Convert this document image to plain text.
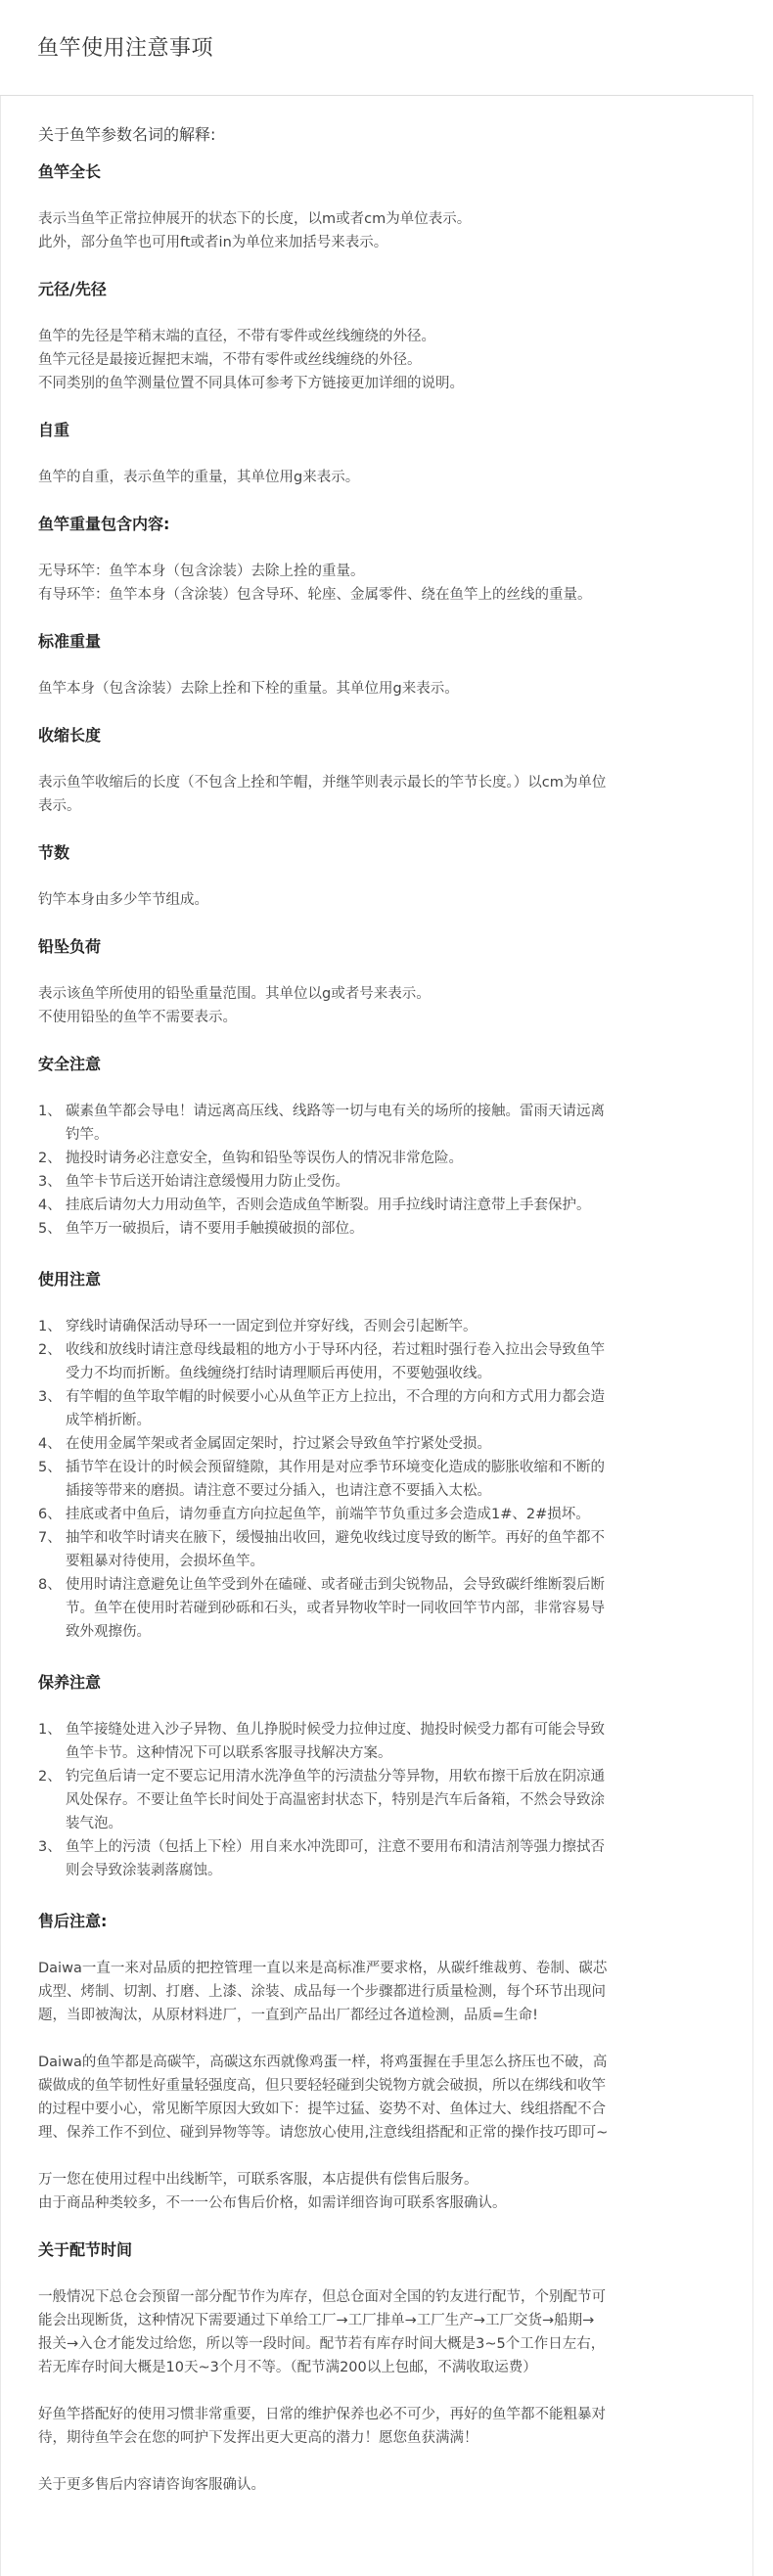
鱼竿使用注意事项
关于鱼竿参数名词的解释:
鱼竿全长
表示当鱼竿正常拉伸展开的状态下的长度，以m或者cm为单位表示。
此外，部分鱼竿也可用ft或者in为单位来加括号来表示。
元径/先径
鱼竿的先径是竿稍末端的直径，不带有零件或丝线缠绕的外径。
鱼竿元径是最接近握把末端，不带有零件或丝线缠绕的外径。
不同类别的鱼竿测量位置不同具体可参考下方链接更加详细的说明。
自重
鱼竿的自重，表示鱼竿的重量，其单位用g来表示。
鱼竿重量包含内容:
无导环竿：鱼竿本身（包含涂装）去除上拴的重量。
有导环竿：鱼竿本身（含涂装）包含导环、轮座、金属零件、绕在鱼竿上的丝线的重量。
标准重量
鱼竿本身（包含涂装）去除上拴和下栓的重量。其单位用g来表示。
收缩长度
表示鱼竿收缩后的长度（不包含上拴和竿帽，并继竿则表示最长的竿节长度。）以cm为单位
表示。
节数
钓竿本身由多少竿节组成。
铅坠负荷
表示该鱼竿所使用的铅坠重量范围。其单位以g或者号来表示。
不使用铅坠的鱼竿不需要表示。
安全注意
1、 碳素鱼竿都会导电！请远离高压线、线路等一切与电有关的场所的接触。雷雨天请远离
钓竿。
2、 抛投时请务必注意安全，鱼钩和铅坠等误伤人的情况非常危险。
3、 鱼竿卡节后送开始请注意缓慢用力防止受伤。
4、 挂底后请勿大力用动鱼竿，否则会造成鱼竿断裂。用手拉线时请注意带上手套保护。
5、 鱼竿万一破损后，请不要用手触摸破损的部位。
使用注意
1、 穿线时请确保活动导环一一固定到位并穿好线，否则会引起断竿。
2、 收线和放线时请注意母线最粗的地方小于导环内径，若过粗时强行卷入拉出会导致鱼竿
受力不均而折断。鱼线缠绕打结时请理顺后再使用，不要勉强收线。
3、 有竿帽的鱼竿取竿帽的时候要小心从鱼竿正方上拉出，不合理的方向和方式用力都会造
成竿梢折断。
4、 在使用金属竿架或者金属固定架时，拧过紧会导致鱼竿拧紧处受损。
5、 插节竿在设计的时候会预留缝隙，其作用是对应季节环境变化造成的膨胀收缩和不断的
插接等带来的磨损。请注意不要过分插入，也请注意不要插入太松。
6、 挂底或者中鱼后，请勿垂直方向拉起鱼竿，前端竿节负重过多会造成1#、2#损坏。
7、 抽竿和收竿时请夹在腋下，缓慢抽出收回，避免收线过度导致的断竿。再好的鱼竿都不
要粗暴对待使用，会损坏鱼竿。
8、 使用时请注意避免让鱼竿受到外在磕碰、或者碰击到尖锐物品，会导致碳纤维断裂后断
节。鱼竿在使用时若碰到砂砾和石头，或者异物收竿时一同收回竿节内部，非常容易导
致外观擦伤。
保养注意
1、 鱼竿接缝处进入沙子异物、鱼儿挣脱时候受力拉伸过度、抛投时候受力都有可能会导致
鱼竿卡节。这种情况下可以联系客服寻找解决方案。
2、 钓完鱼后请一定不要忘记用清水洗净鱼竿的污渍盐分等异物，用软布擦干后放在阴凉通
风处保存。不要让鱼竿长时间处于高温密封状态下，特别是汽车后备箱，不然会导致涂
装气泡。
3、 鱼竿上的污渍（包括上下栓）用自来水冲洗即可，注意不要用布和清洁剂等强力擦拭否
则会导致涂装剥落腐蚀。
售后注意:
Daiwa一直一来对品质的把控管理一直以来是高标准严要求格，从碳纤维裁剪、卷制、碳芯
成型、烤制、切割、打磨、上漆、涂装、成品每一个步骤都进行质量检测，每个环节出现问
题，当即被淘汰，从原材料进厂，一直到产品出厂都经过各道检测，品质=生命!
Daiwa的鱼竿都是高碳竿，高碳这东西就像鸡蛋一样，将鸡蛋握在手里怎么挤压也不破，高
碳做成的鱼竿韧性好重量轻强度高，但只要轻轻碰到尖锐物方就会破损，所以在绑线和收竿
的过程中要小心，常见断竿原因大致如下：提竿过猛、姿势不对、鱼体过大、线组搭配不合
理、保养工作不到位、碰到异物等等。请您放心使用,注意线组搭配和正常的操作技巧即可~
万一您在使用过程中出线断竿，可联系客服，本店提供有偿售后服务。
由于商品种类较多，不一一公布售后价格，如需详细咨询可联系客服确认。
关于配节时间
一般情况下总仓会预留一部分配节作为库存，但总仓面对全国的钓友进行配节，个别配节可
能会出现断货，这种情况下需要通过下单给工厂→工厂排单→工厂生产→工厂交货→船期→
报关→入仓才能发过给您，所以等一段时间。配节若有库存时间大概是3~5个工作日左右，
若无库存时间大概是10天~3个月不等。（配节满200以上包邮，不满收取运费）
好鱼竿搭配好的使用习惯非常重要，日常的维护保养也必不可少，再好的鱼竿都不能粗暴对
待，期待鱼竿会在您的呵护下发挥出更大更高的潜力！愿您鱼获满满！
关于更多售后内容请咨询客服确认。
